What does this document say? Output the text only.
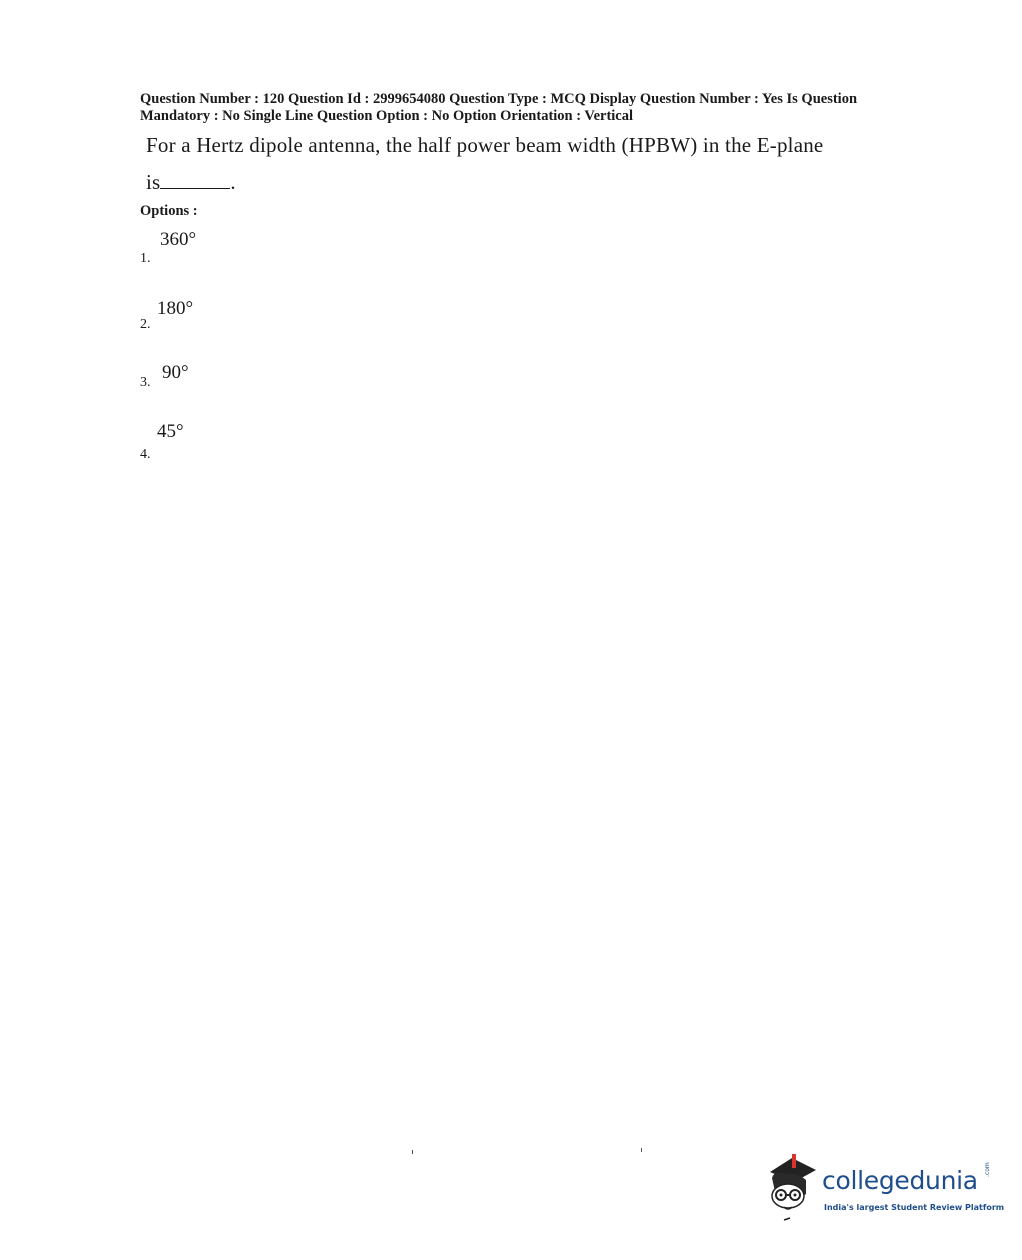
Question Number : 120 Question Id : 2999654080 Question Type : MCQ Display Question Number : Yes Is Question
Mandatory : No Single Line Question Option : No Option Orientation : Vertical
For a Hertz dipole antenna, the half power beam width (HPBW) in the E-plane
is	.
Options :
360°
1.
180°
2.
90°
3.
45°
4.
collegedunia .com
India's largest Student Review Platform
